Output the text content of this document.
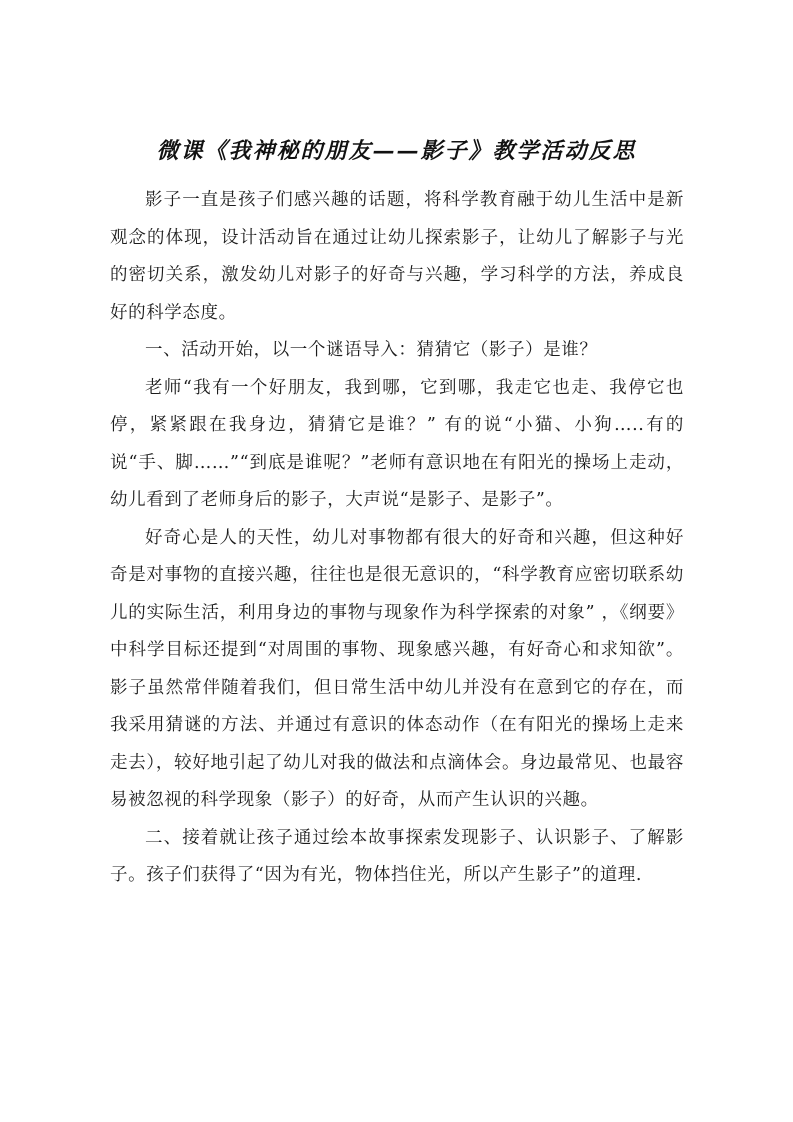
微课《我神秘的朋友——影子》教学活动反思

影子一直是孩子们感兴趣的话题，将科学教育融于幼儿生活中是新观念的体现，设计活动旨在通过让幼儿探索影子，让幼儿了解影子与光的密切关系，激发幼儿对影子的好奇与兴趣，学习科学的方法，养成良好的科学态度。

一、活动开始，以一个谜语导入：猜猜它（影子）是谁？

老师“我有一个好朋友，我到哪，它到哪，我走它也走、我停它也停，紧紧跟在我身边，猜猜它是谁？” 有的说“小猫、小狗…..有的说“手、脚……”“到底是谁呢？”老师有意识地在有阳光的操场上走动，幼儿看到了老师身后的影子，大声说“是影子、是影子”。

好奇心是人的天性，幼儿对事物都有很大的好奇和兴趣，但这种好奇是对事物的直接兴趣，往往也是很无意识的，“科学教育应密切联系幼儿的实际生活，利用身边的事物与现象作为科学探索的对象” ，《纲要》中科学目标还提到“对周围的事物、现象感兴趣，有好奇心和求知欲”。影子虽然常伴随着我们，但日常生活中幼儿并没有在意到它的存在，而我采用猜谜的方法、并通过有意识的体态动作（在有阳光的操场上走来走去），较好地引起了幼儿对我的做法和点滴体会。身边最常见、也最容易被忽视的科学现象（影子）的好奇，从而产生认识的兴趣。

二、接着就让孩子通过绘本故事探索发现影子、认识影子、了解影子。孩子们获得了“因为有光，物体挡住光，所以产生影子”的道理.
